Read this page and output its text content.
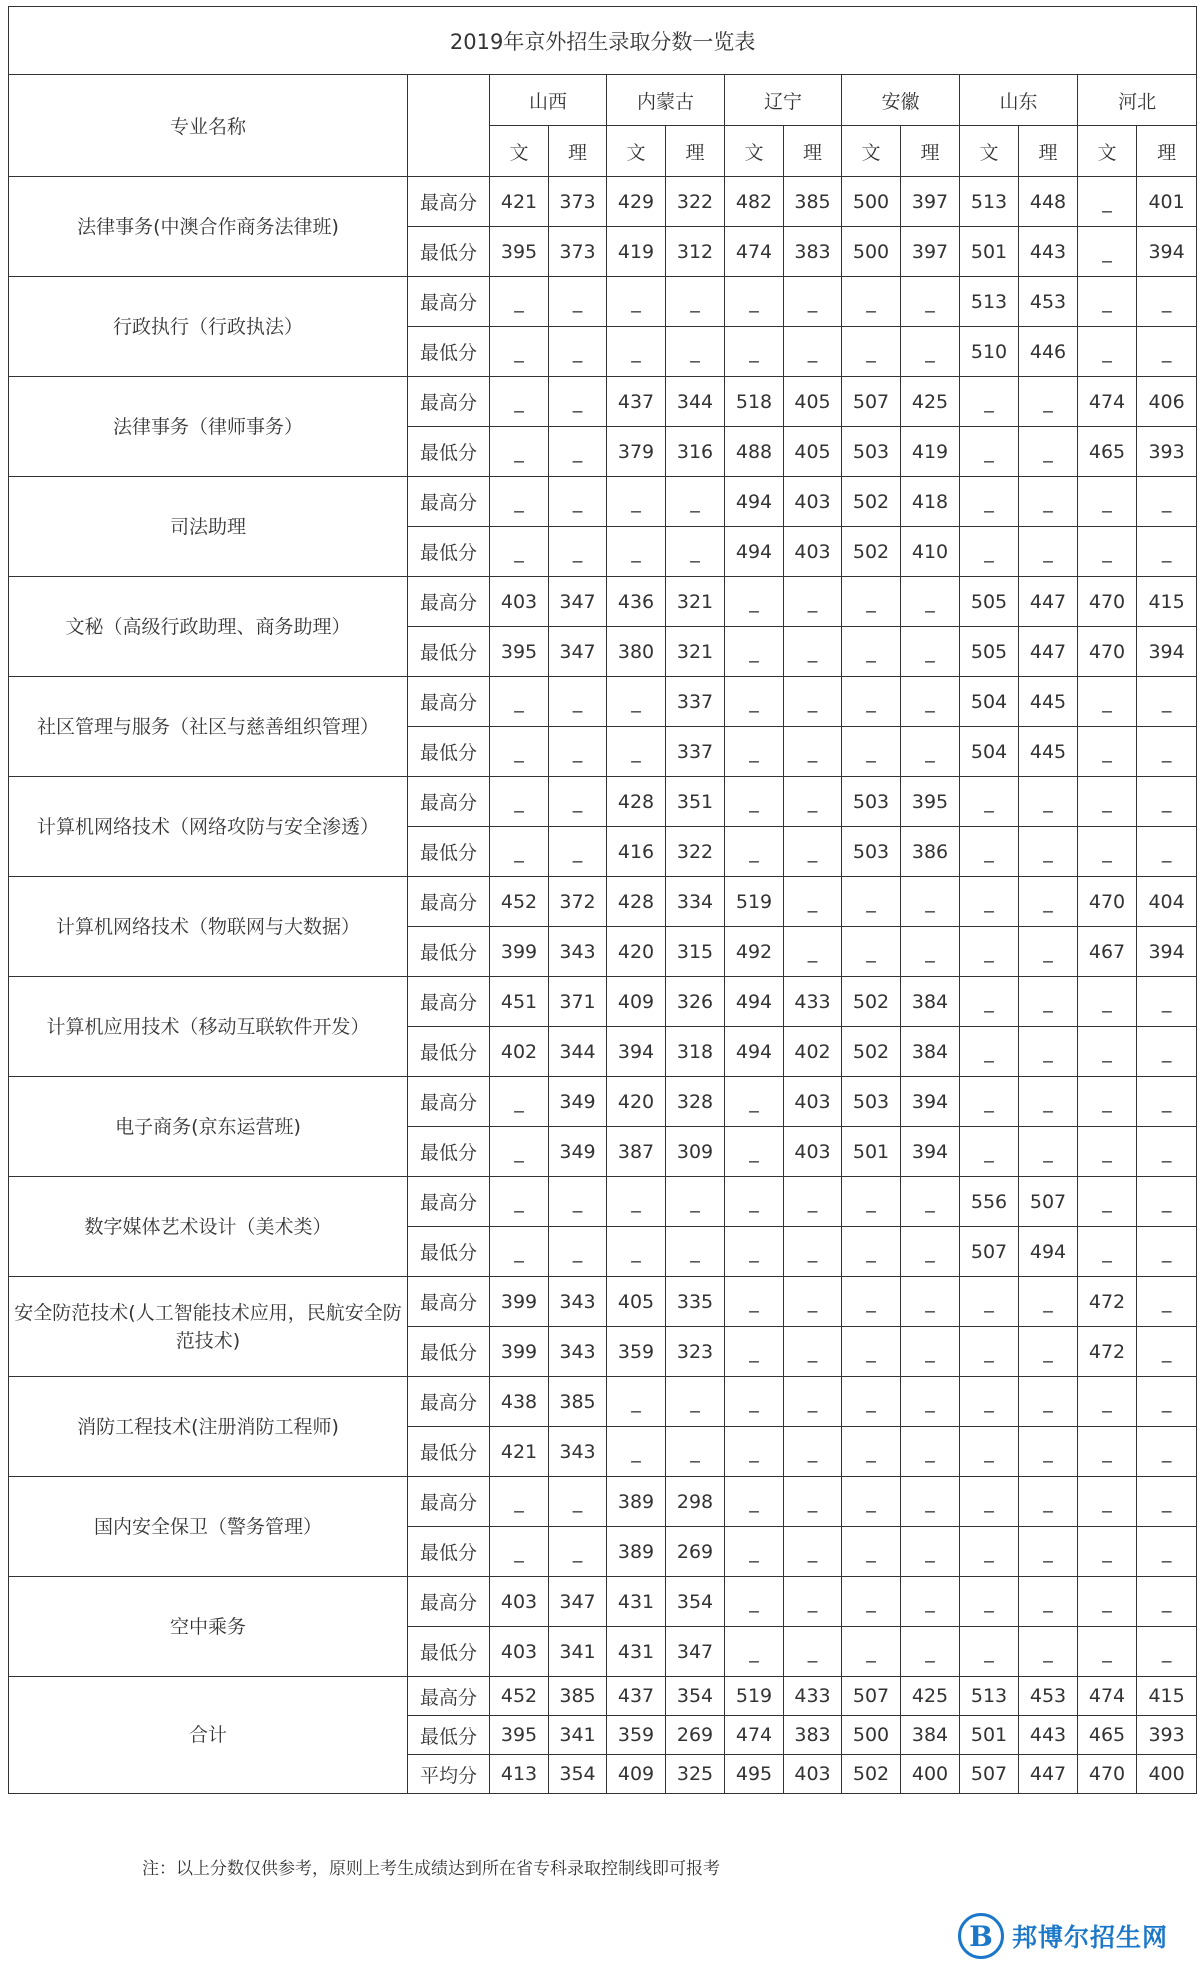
2019年京外招生录取分数一览表													
专业名称		山西		内蒙古		辽宁		安徽		山东		河北	
		文	理	文	理	文	理	文	理	文	理	文	理
法律事务(中澳合作商务法律班)	最高分	421	373	429	322	482	385	500	397	513	448	_	401
	最低分	395	373	419	312	474	383	500	397	501	443	_	394
行政执行（行政执法）	最高分	_	_	_	_	_	_	_	_	513	453	_	_
	最低分	_	_	_	_	_	_	_	_	510	446	_	_
法律事务（律师事务）	最高分	_	_	437	344	518	405	507	425	_	_	474	406
	最低分	_	_	379	316	488	405	503	419	_	_	465	393
司法助理	最高分	_	_	_	_	494	403	502	418	_	_	_	_
	最低分	_	_	_	_	494	403	502	410	_	_	_	_
文秘（高级行政助理、商务助理）	最高分	403	347	436	321	_	_	_	_	505	447	470	415
	最低分	395	347	380	321	_	_	_	_	505	447	470	394
社区管理与服务（社区与慈善组织管理）	最高分	_	_	_	337	_	_	_	_	504	445	_	_
	最低分	_	_	_	337	_	_	_	_	504	445	_	_
计算机网络技术（网络攻防与安全渗透）	最高分	_	_	428	351	_	_	503	395	_	_	_	_
	最低分	_	_	416	322	_	_	503	386	_	_	_	_
计算机网络技术（物联网与大数据）	最高分	452	372	428	334	519	_	_	_	_	_	470	404
	最低分	399	343	420	315	492	_	_	_	_	_	467	394
计算机应用技术（移动互联软件开发）	最高分	451	371	409	326	494	433	502	384	_	_	_	_
	最低分	402	344	394	318	494	402	502	384	_	_	_	_
电子商务(京东运营班)	最高分	_	349	420	328	_	403	503	394	_	_	_	_
	最低分	_	349	387	309	_	403	501	394	_	_	_	_
数字媒体艺术设计（美术类）	最高分	_	_	_	_	_	_	_	_	556	507	_	_
	最低分	_	_	_	_	_	_	_	_	507	494	_	_
安全防范技术(人工智能技术应用，民航安全防范技术)	最高分	399	343	405	335	_	_	_	_	_	_	472	_
	最低分	399	343	359	323	_	_	_	_	_	_	472	_
消防工程技术(注册消防工程师)	最高分	438	385	_	_	_	_	_	_	_	_	_	_
	最低分	421	343	_	_	_	_	_	_	_	_	_	_
国内安全保卫（警务管理）	最高分	_	_	389	298	_	_	_	_	_	_	_	_
	最低分	_	_	389	269	_	_	_	_	_	_	_	_
空中乘务	最高分	403	347	431	354	_	_	_	_	_	_	_	_
	最低分	403	341	431	347	_	_	_	_	_	_	_	_
合计	最高分	452	385	437	354	519	433	507	425	513	453	474	415
	最低分	395	341	359	269	474	383	500	384	501	443	465	393
	平均分	413	354	409	325	495	403	502	400	507	447	470	400
注：以上分数仅供参考，原则上考生成绩达到所在省专科录取控制线即可报考
B 邦博尔招生网
